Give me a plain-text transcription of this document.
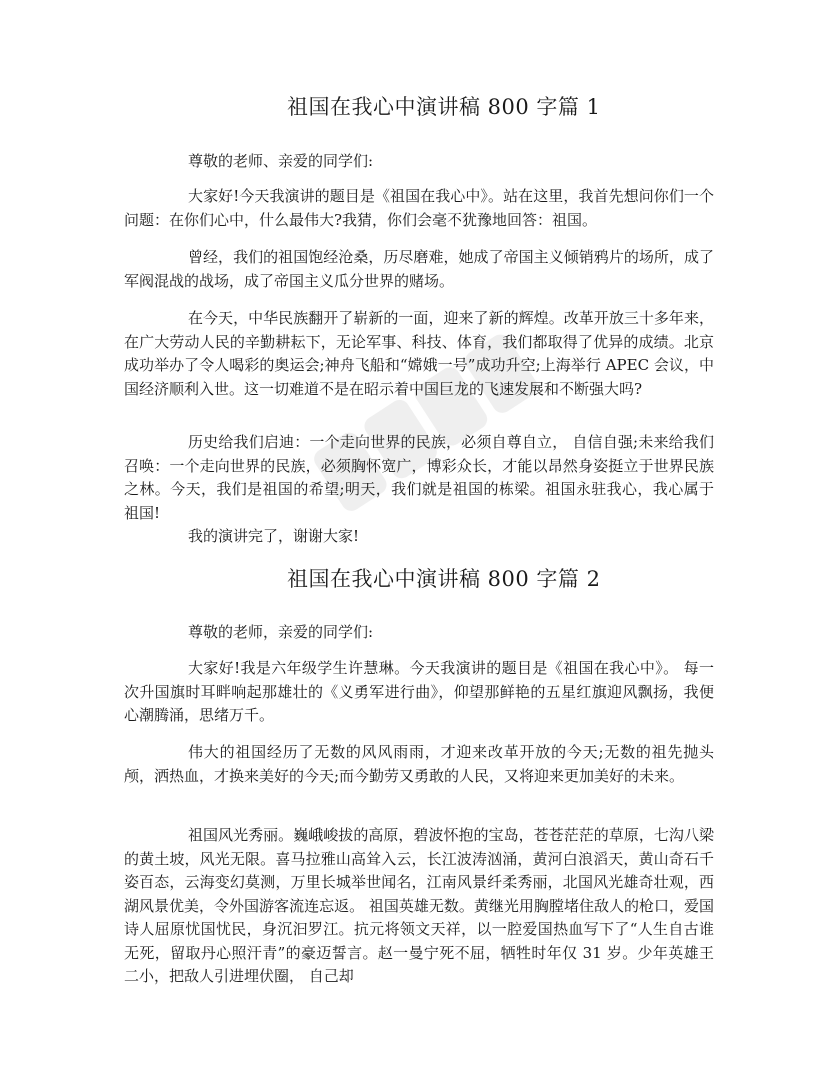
祖国在我心中演讲稿 800 字篇 1

尊敬的老师、亲爱的同学们:

大家好!今天我演讲的题目是《祖国在我心中》。站在这里，我首先想问你们一个问题：在你们心中，什么最伟大?我猜，你们会毫不犹豫地回答：祖国。

曾经，我们的祖国饱经沧桑，历尽磨难，她成了帝国主义倾销鸦片的场所，成了军阀混战的战场，成了帝国主义瓜分世界的赌场。

在今天，中华民族翻开了崭新的一面，迎来了新的辉煌。改革开放三十多年来，在广大劳动人民的辛勤耕耘下，无论军事、科技、体育，我们都取得了优异的成绩。北京成功举办了令人喝彩的奥运会;神舟飞船和“嫦娥一号”成功升空;上海举行 APEC 会议，中国经济顺利入世。这一切难道不是在昭示着中国巨龙的飞速发展和不断强大吗?

历史给我们启迪：一个走向世界的民族，必须自尊自立， 自信自强;未来给我们召唤：一个走向世界的民族，必须胸怀宽广，博彩众长，才能以昂然身姿挺立于世界民族之林。今天，我们是祖国的希望;明天，我们就是祖国的栋梁。祖国永驻我心，我心属于祖国!

我的演讲完了，谢谢大家!

祖国在我心中演讲稿 800 字篇 2

尊敬的老师，亲爱的同学们:

大家好!我是六年级学生许慧琳。今天我演讲的题目是《祖国在我心中》。 每一次升国旗时耳畔响起那雄壮的《义勇军进行曲》，仰望那鲜艳的五星红旗迎风飘扬，我便心潮腾涌，思绪万千。

伟大的祖国经历了无数的风风雨雨，才迎来改革开放的今天;无数的祖先抛头颅，洒热血，才换来美好的今天;而今勤劳又勇敢的人民，又将迎来更加美好的未来。

祖国风光秀丽。巍峨峻拔的高原，碧波怀抱的宝岛，苍苍茫茫的草原，七沟八梁的黄土坡，风光无限。喜马拉雅山高耸入云，长江波涛汹涌，黄河白浪滔天，黄山奇石千姿百态，云海变幻莫测，万里长城举世闻名，江南风景纤柔秀丽，北国风光雄奇壮观，西湖风景优美，令外国游客流连忘返。 祖国英雄无数。黄继光用胸膛堵住敌人的枪口，爱国诗人屈原忧国忧民，身沉汩罗江。抗元将领文天祥，以一腔爱国热血写下了“人生自古谁无死，留取丹心照汗青”的豪迈誓言。赵一曼宁死不屈，牺牲时年仅 31 岁。少年英雄王二小，把敌人引进埋伏圈， 自己却
